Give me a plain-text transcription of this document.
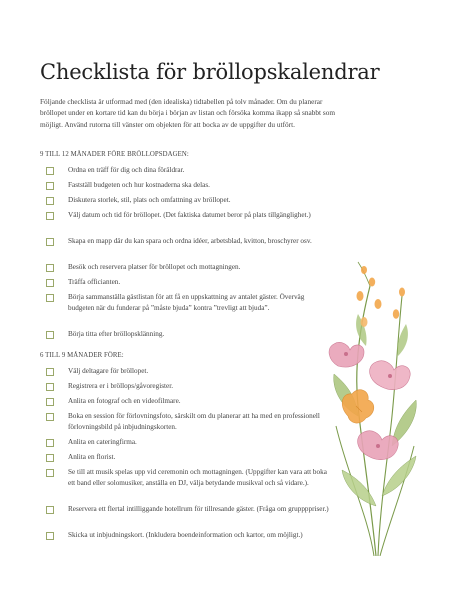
Checklista för bröllopskalendrar
Följande checklista är utformad med (den idealiska) tidtabellen på tolv månader. Om du planerar bröllopet under en kortare tid kan du börja i början av listan och försöka komma ikapp så snabbt som möjligt. Använd rutorna till vänster om objekten för att bocka av de uppgifter du utfört.
9 TILL 12 MÅNADER FÖRE BRÖLLOPSDAGEN:
Ordna en träff för dig och dina föräldrar.
Fastställ budgeten och hur kostnaderna ska delas.
Diskutera storlek, stil, plats och omfattning av bröllopet.
Välj datum och tid för bröllopet. (Det faktiska datumet beror på plats tillgänglighet.)
Skapa en mapp där du kan spara och ordna idéer, arbetsblad, kvitton, broschyrer osv.
Besök och reservera platser för bröllopet och mottagningen.
Träffa officianten.
Börja sammanställa gästlistan för att få en uppskattning av antalet gäster. Överväg budgeten när du funderar på ”måste bjuda” kontra ”trevligt att bjuda”.
Börja titta efter bröllopsklänning.
6 TILL 9 MÅNADER FÖRE:
Välj deltagare för bröllopet.
Registrera er i bröllops/gåvoregister.
Anlita en fotograf och en videofilmare.
Boka en session för förlovningsfoto, särskilt om du planerar att ha med en professionell förlovningsbild på inbjudningskorten.
Anlita en cateringfirma.
Anlita en florist.
Se till att musik spelas upp vid ceremonin och mottagningen. (Uppgifter kan vara att boka ett band eller solomusiker, anställa en DJ, välja betydande musikval och så vidare.).
Reservera ett flertal intilliggande hotellrum för tillresande gäster. (Fråga om gruppppriser.)
Skicka ut inbjudningskort. (Inkludera boendeinformation och kartor, om möjligt.)
